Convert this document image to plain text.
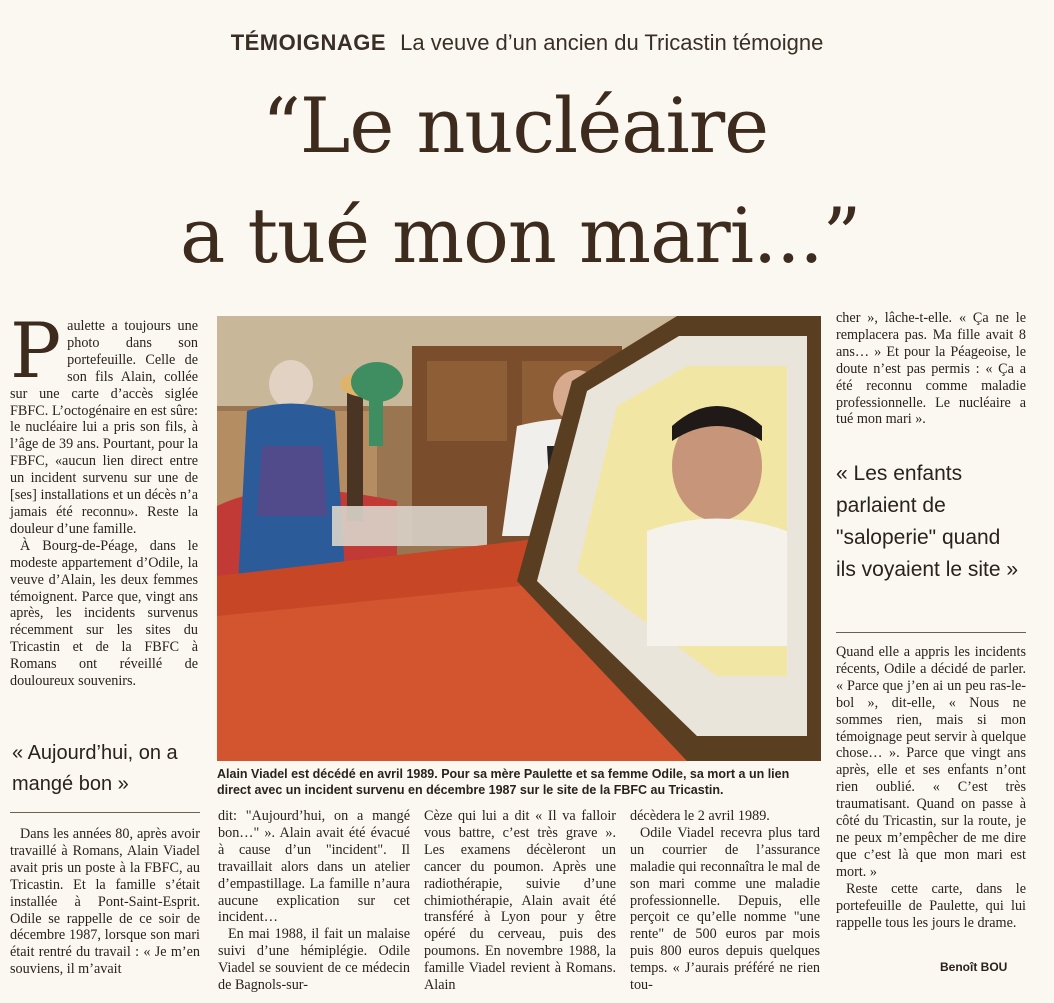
TÉMOIGNAGE La veuve d’un ancien du Tricastin témoigne
“Le nucléaire
a tué mon mari...”
P aulette a toujours une photo dans son portefeuille. Celle de son fils Alain, collée sur une carte d’accès siglée FBFC. L’octogénaire en est sûre: le nucléaire lui a pris son fils, à l’âge de 39 ans. Pourtant, pour la FBFC, «aucun lien direct entre un incident survenu sur une de [ses] installations et un décès n’a jamais été reconnu». Reste la douleur d’une famille.

À Bourg-de-Péage, dans le modeste appartement d’Odile, la veuve d’Alain, les deux femmes témoignent. Parce que, vingt ans après, les incidents survenus récemment sur les sites du Tricastin et de la FBFC à Romans ont réveillé de douloureux souvenirs.

« Aujourd’hui, on a mangé bon »	Alain Viadel est décédé en avril 1989. Pour sa mère Paulette et sa femme Odile, sa mort a un lien direct avec un incident survenu en décembre 1987 sur le site de la FBFC au Tricastin.

Dans les années 80, après avoir travaillé à Romans, Alain Viadel avait pris un poste à la FBFC, au Tricastin. Et la famille s’était installée à Pont-Saint-Esprit. Odile se rappelle de ce soir de décembre 1987, lorsque son mari était rentré du travail : « Je m’en souviens, il m’avait

dit: "Aujourd’hui, on a mangé bon…" ». Alain avait été évacué à cause d’un "incident". Il travaillait alors dans un atelier d’empastillage. La famille n’aura aucune explication sur cet incident…

En mai 1988, il fait un malaise suivi d’une hémiplégie. Odile Viadel se souvient de ce médecin de Bagnols-sur-

Cèze qui lui a dit « Il va falloir vous battre, c’est très grave ». Les examens décèleront un cancer du poumon. Après une radiothérapie, suivie d’une chimiothérapie, Alain avait été transféré à Lyon pour y être opéré du cerveau, puis des poumons. En novembre 1988, la famille Viadel revient à Romans. Alain
décèdera le 2 avril 1989.

Odile Viadel recevra plus tard un courrier de l’assurance maladie qui reconnaîtra le mal de son mari comme une maladie professionnelle. Depuis, elle perçoit ce qu’elle nomme "une rente" de 500 euros par mois puis 800 euros depuis quelques temps. « J’aurais préféré ne rien tou-

cher », lâche-t-elle. « Ça ne le remplacera pas. Ma fille avait 8 ans… » Et pour la Péageoise, le doute n’est pas permis : « Ça a été reconnu comme maladie professionnelle. Le nucléaire a tué mon mari ».
« Les enfants parlaient de "saloperie" quand ils voyaient le site »
Quand elle a appris les incidents récents, Odile a décidé de parler. « Parce que j’en ai un peu ras-le-bol », dit-elle, « Nous ne sommes rien, mais si mon témoignage peut servir à quelque chose… ». Parce que vingt ans après, elle et ses enfants n’ont rien oublié. « C’est très traumatisant. Quand on passe à côté du Tricastin, sur la route, je ne peux m’empêcher de me dire que c’est là que mon mari est mort. »

Reste cette carte, dans le portefeuille de Paulette, qui lui rappelle tous les jours le drame.

Benoît BOU
